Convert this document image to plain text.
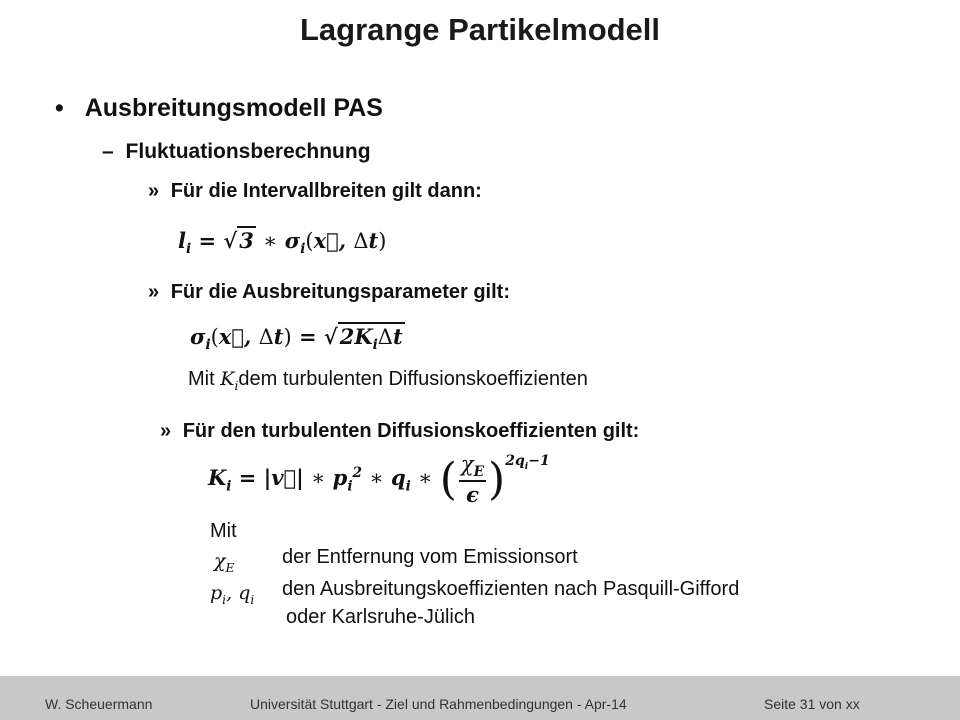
Lagrange Partikelmodell
• Ausbreitungsmodell PAS
– Fluktuationsberechnung
» Für die Intervallbreiten gilt dann:
$l_i = √3$ ∗ $\sigma_i(x⃗$, Δt)
» Für die Ausbreitungsparameter gilt:
$\sigma_i(x⃗$, $\Delta t) = √2K_i\Delta t$
Mit $K_idem$ turbulenten Diffusionskoeffizienten
» Für den turbulenten Diffusionskoeffizienten gilt:
$K_i$ = |v⃗| ∗ $p_i^2$ ∗ $q_i$ ∗ ( $\frac{\chi_E}{\epsilon} )^{2q_i-1}$
Mit
$\chi_E$ der Entfernung vom Emissionsort
$p_i$, $q_i$ den Ausbreitungskoeffizienten nach Pasquill-Gifford
oder Karlsruhe-Jülich
W. Scheuermann	Universität Stuttgart - Ziel und Rahmenbedingungen - Apr-14	Seite 31 von xx
